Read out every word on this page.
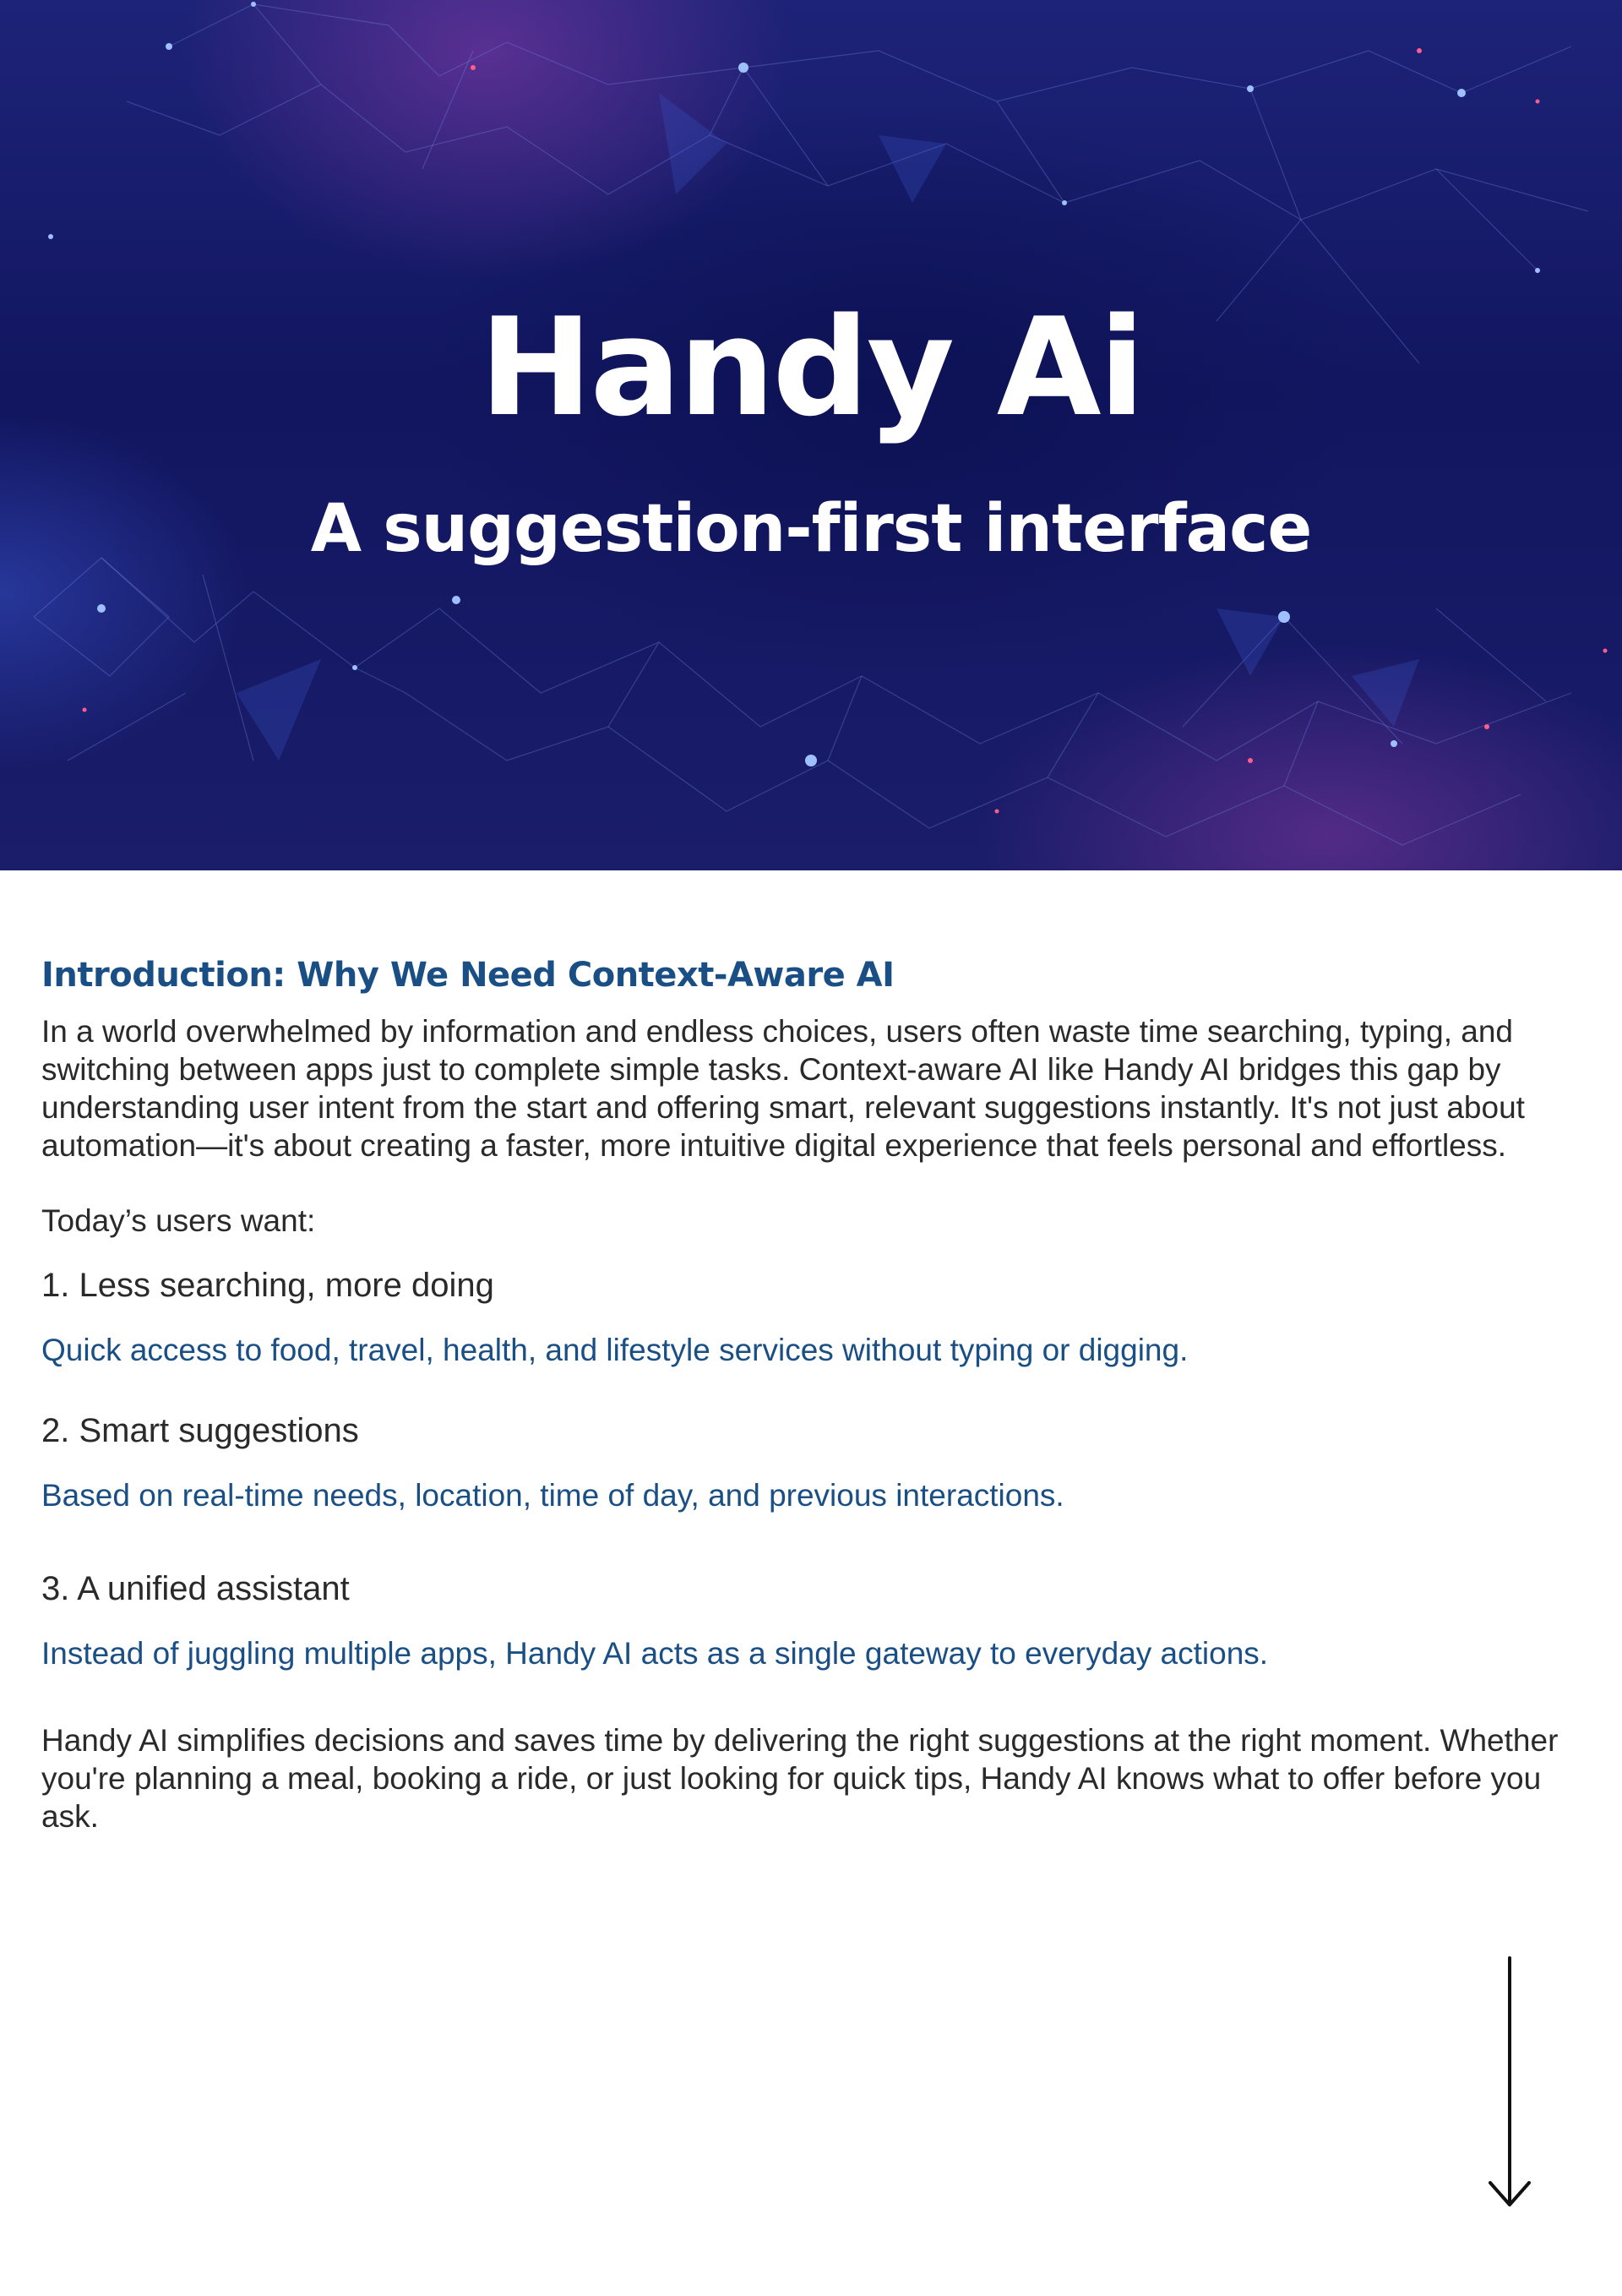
Handy Ai
A suggestion-first interface
Introduction: Why We Need Context-Aware AI

In a world overwhelmed by information and endless choices, users often waste time searching, typing, and switching between apps just to complete simple tasks. Context-aware AI like Handy AI bridges this gap by understanding user intent from the start and offering smart, relevant suggestions instantly. It's not just about automation—it's about creating a faster, more intuitive digital experience that feels personal and effortless.

Today’s users want:

1. Less searching, more doing

Quick access to food, travel, health, and lifestyle services without typing or digging.

2. Smart suggestions

Based on real-time needs, location, time of day, and previous interactions.

3. A unified assistant

Instead of juggling multiple apps, Handy AI acts as a single gateway to everyday actions.

Handy AI simplifies decisions and saves time by delivering the right suggestions at the right moment. Whether you're planning a meal, booking a ride, or just looking for quick tips, Handy AI knows what to offer before you ask.
